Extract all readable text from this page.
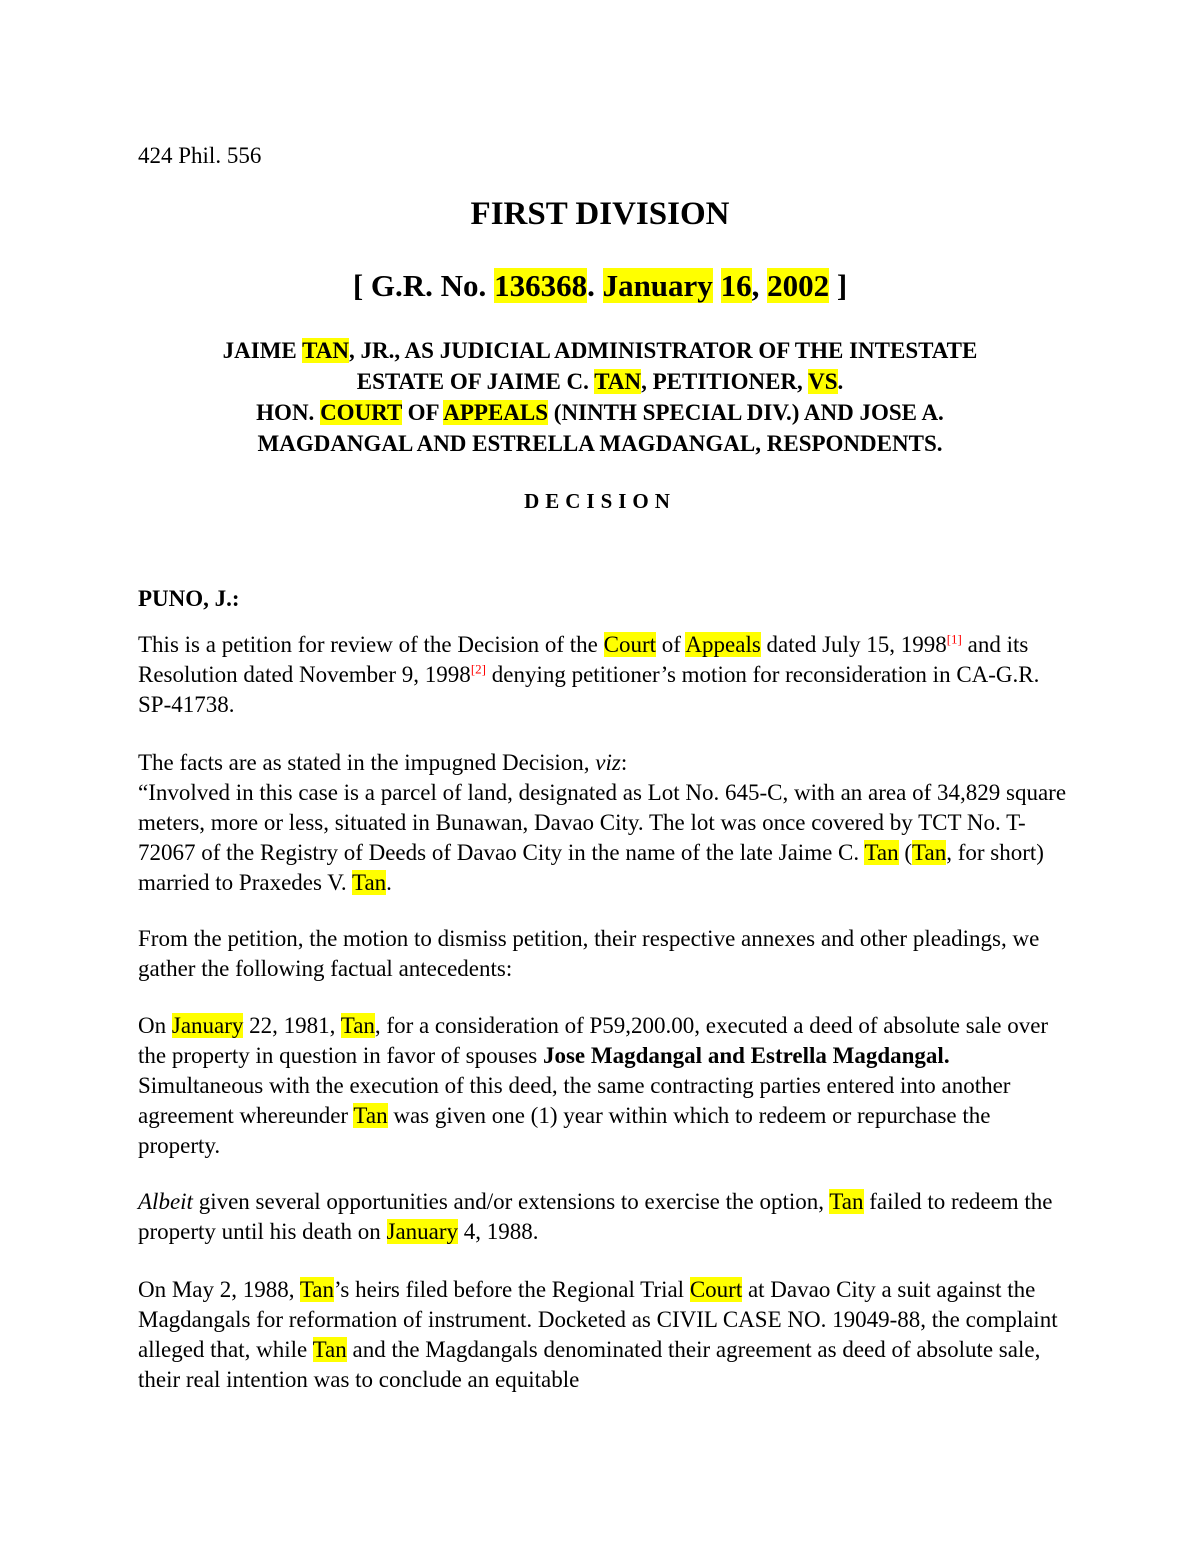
424 Phil. 556
FIRST DIVISION
[ G.R. No. 136368. January 16, 2002 ]
JAIME TAN, JR., AS JUDICIAL ADMINISTRATOR OF THE INTESTATE
ESTATE OF JAIME C. TAN, PETITIONER, VS.
HON. COURT OF APPEALS (NINTH SPECIAL DIV.) AND JOSE A.
MAGDANGAL AND ESTRELLA MAGDANGAL, RESPONDENTS.
DECISION
PUNO, J.:

This is a petition for review of the Decision of the Court of Appeals dated July 15, 1998[1] and its Resolution dated November 9, 1998[2] denying petitioner’s motion for reconsideration in CA-G.R. SP-41738.

The facts are as stated in the impugned Decision, viz:
“Involved in this case is a parcel of land, designated as Lot No. 645-C, with an area of 34,829 square meters, more or less, situated in Bunawan, Davao City. The lot was once covered by TCT No. T-72067 of the Registry of Deeds of Davao City in the name of the late Jaime C. Tan (Tan, for short) married to Praxedes V. Tan.

From the petition, the motion to dismiss petition, their respective annexes and other pleadings, we gather the following factual antecedents:

On January 22, 1981, Tan, for a consideration of P59,200.00, executed a deed of absolute sale over the property in question in favor of spouses Jose Magdangal and Estrella Magdangal. Simultaneous with the execution of this deed, the same contracting parties entered into another agreement whereunder Tan was given one (1) year within which to redeem or repurchase the property.

Albeit given several opportunities and/or extensions to exercise the option, Tan failed to redeem the property until his death on January 4, 1988.

On May 2, 1988, Tan’s heirs filed before the Regional Trial Court at Davao City a suit against the Magdangals for reformation of instrument. Docketed as CIVIL CASE NO. 19049-88, the complaint alleged that, while Tan and the Magdangals denominated their agreement as deed of absolute sale, their real intention was to conclude an equitable
